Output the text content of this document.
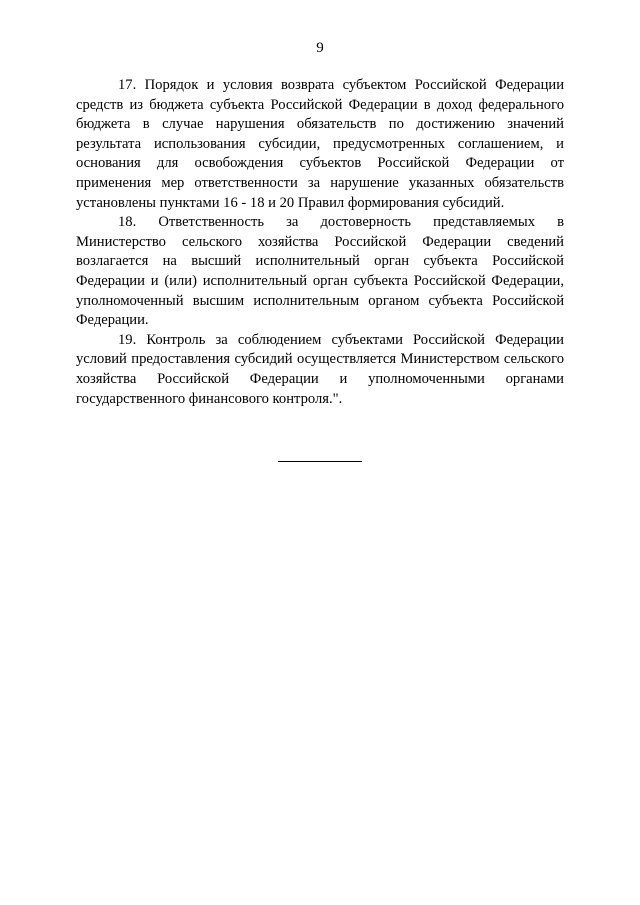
9

17. Порядок и условия возврата субъектом Российской Федерации средств из бюджета субъекта Российской Федерации в доход федерального бюджета в случае нарушения обязательств по достижению значений результата использования субсидии, предусмотренных соглашением, и основания для освобождения субъектов Российской Федерации от применения мер ответственности за нарушение указанных обязательств установлены пунктами 16 - 18 и 20 Правил формирования субсидий.

18. Ответственность за достоверность представляемых в Министерство сельского хозяйства Российской Федерации сведений возлагается на высший исполнительный орган субъекта Российской Федерации и (или) исполнительный орган субъекта Российской Федерации, уполномоченный высшим исполнительным органом субъекта Российской Федерации.

19. Контроль за соблюдением субъектами Российской Федерации условий предоставления субсидий осуществляется Министерством сельского хозяйства Российской Федерации и уполномоченными органами государственного финансового контроля.".
